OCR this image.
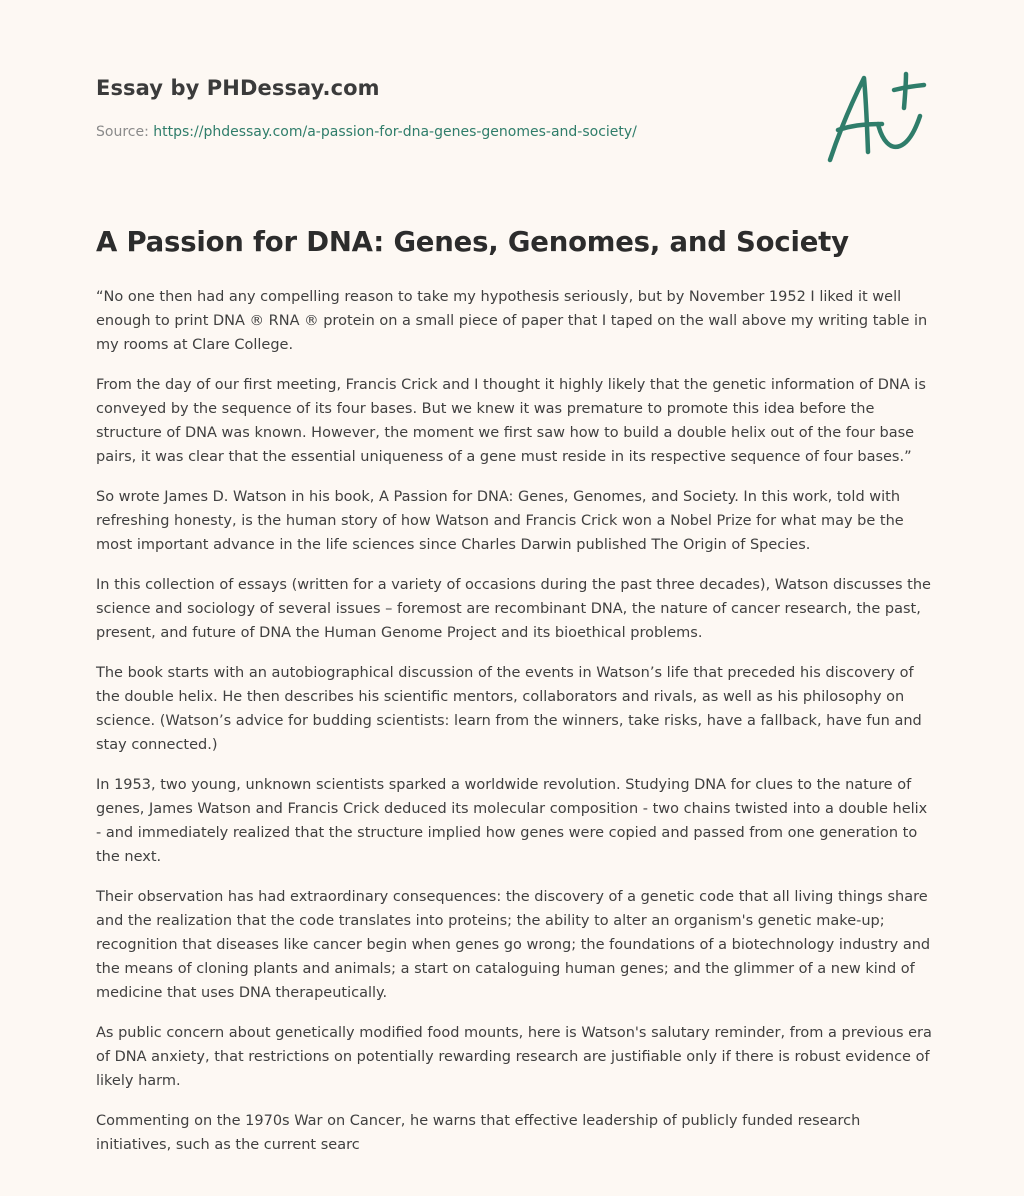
Essay by PHDessay.com
Source: https://phdessay.com/a-passion-for-dna-genes-genomes-and-society/
A Passion for DNA: Genes, Genomes, and Society

“No one then had any compelling reason to take my hypothesis seriously, but by November 1952 I liked it well enough to print DNA ® RNA ® protein on a small piece of paper that I taped on the wall above my writing table in my rooms at Clare College.

From the day of our first meeting, Francis Crick and I thought it highly likely that the genetic information of DNA is conveyed by the sequence of its four bases. But we knew it was premature to promote this idea before the structure of DNA was known. However, the moment we first saw how to build a double helix out of the four base pairs, it was clear that the essential uniqueness of a gene must reside in its respective sequence of four bases.”

So wrote James D. Watson in his book, A Passion for DNA: Genes, Genomes, and Society. In this work, told with refreshing honesty, is the human story of how Watson and Francis Crick won a Nobel Prize for what may be the most important advance in the life sciences since Charles Darwin published The Origin of Species.

In this collection of essays (written for a variety of occasions during the past three decades), Watson discusses the science and sociology of several issues – foremost are recombinant DNA, the nature of cancer research, the past, present, and future of DNA the Human Genome Project and its bioethical problems.

The book starts with an autobiographical discussion of the events in Watson’s life that preceded his discovery of the double helix. He then describes his scientific mentors, collaborators and rivals, as well as his philosophy on science. (Watson’s advice for budding scientists: learn from the winners, take risks, have a fallback, have fun and stay connected.)

In 1953, two young, unknown scientists sparked a worldwide revolution. Studying DNA for clues to the nature of genes, James Watson and Francis Crick deduced its molecular composition - two chains twisted into a double helix - and immediately realized that the structure implied how genes were copied and passed from one generation to the next.

Their observation has had extraordinary consequences: the discovery of a genetic code that all living things share and the realization that the code translates into proteins; the ability to alter an organism's genetic make-up; recognition that diseases like cancer begin when genes go wrong; the foundations of a biotechnology industry and the means of cloning plants and animals; a start on cataloguing human genes; and the glimmer of a new kind of medicine that uses DNA therapeutically.

As public concern about genetically modified food mounts, here is Watson's salutary reminder, from a previous era of DNA anxiety, that restrictions on potentially rewarding research are justifiable only if there is robust evidence of likely harm.

Commenting on the 1970s War on Cancer, he warns that effective leadership of publicly funded research initiatives, such as the current searc
